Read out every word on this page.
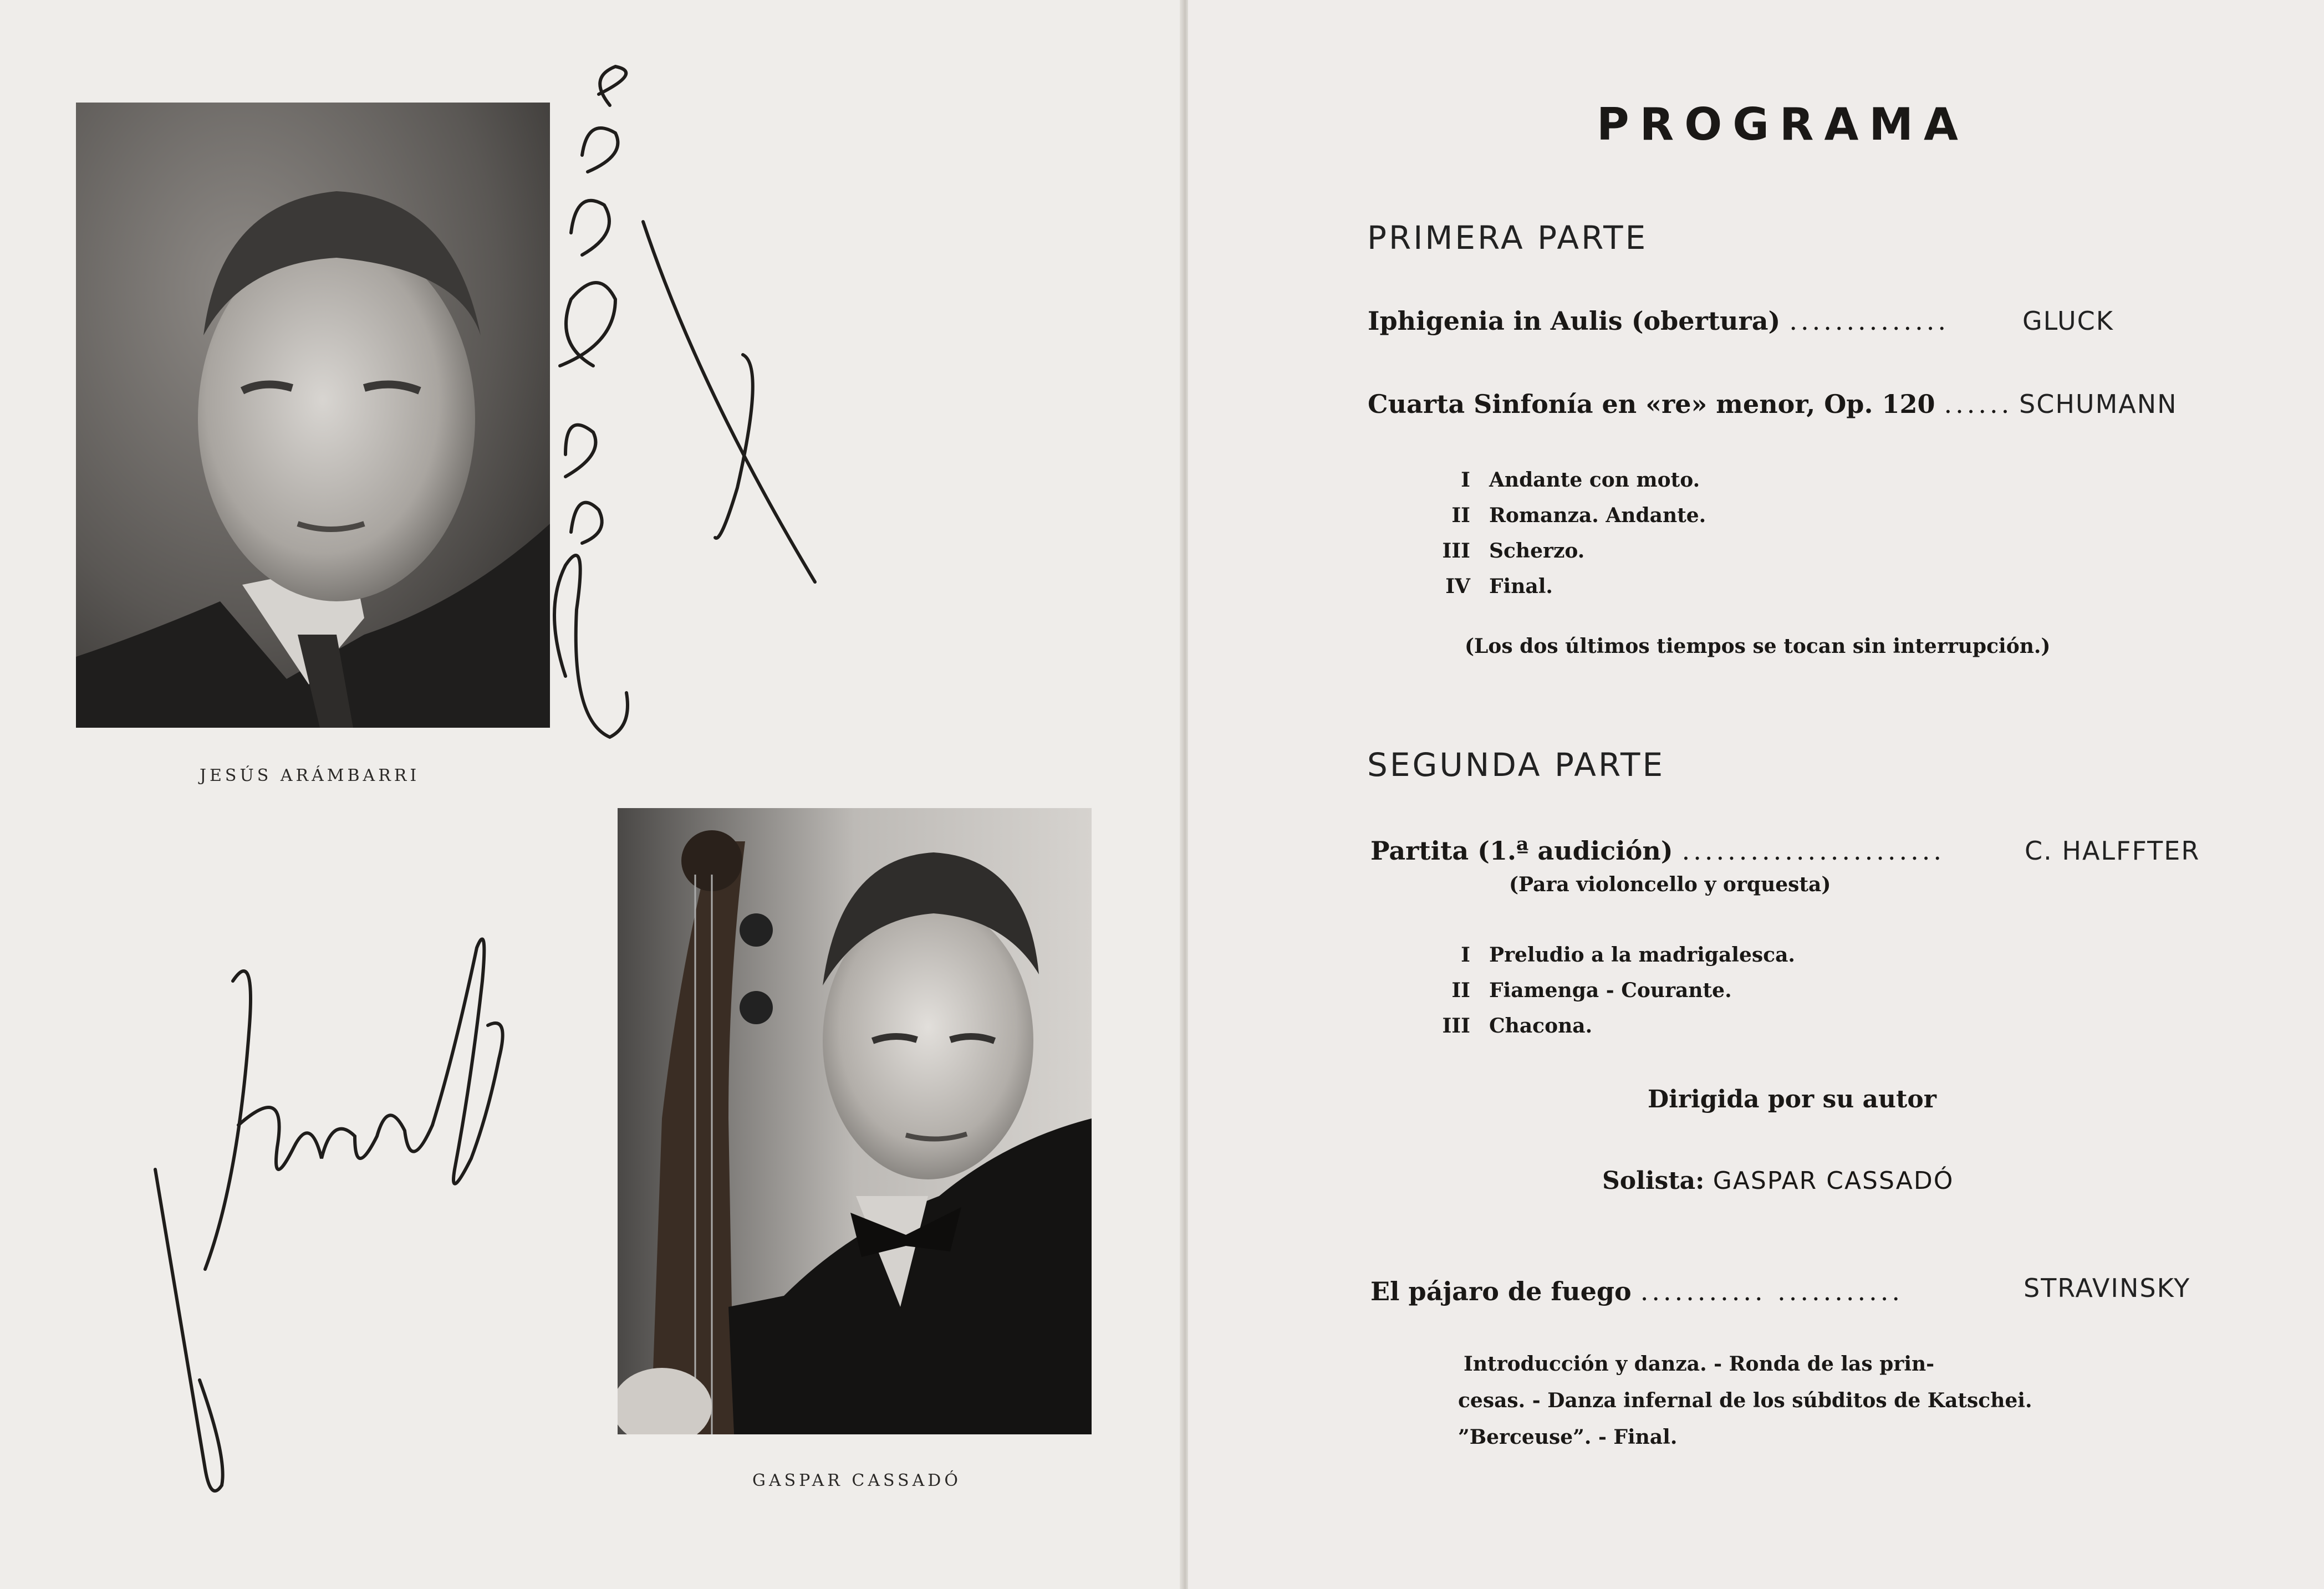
JESÚS ARÁMBARRI
GASPAR CASSADÓ
PROGRAMA
PRIMERA PARTE
Iphigenia in Aulis (obertura) ..............	GLUCK
Cuarta Sinfonía en «re» menor, Op. 120 ...... SCHUMANN
I Andante con moto.
II Romanza. Andante.
III Scherzo.
IV Final.
(Los dos últimos tiempos se tocan sin interrupción.)
SEGUNDA PARTE
Partita (1.ª audición) .......................	C. HALFFTER
(Para violoncello y orquesta)
I Preludio a la madrigalesca.
II Fiamenga - Courante.
III Chacona.
Dirigida por su autor
Solista: GASPAR CASSADÓ
El pájaro de fuego ........... ...........	STRAVINSKY
Introducción y danza. - Ronda de las prin-
cesas. - Danza infernal de los súbditos de Katschei.
”Berceuse”. - Final.
